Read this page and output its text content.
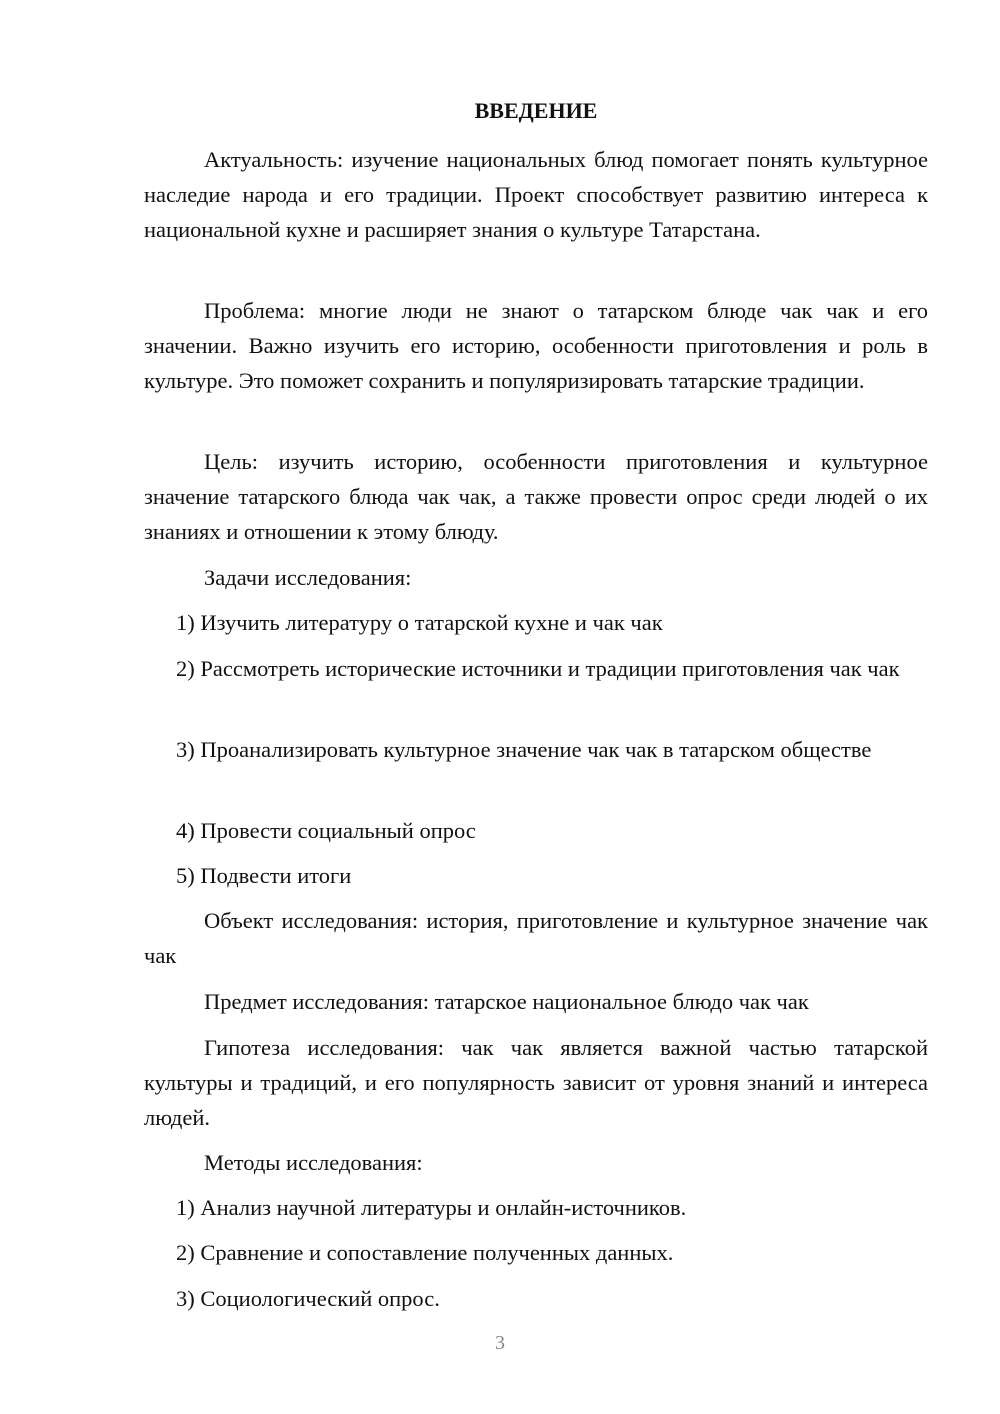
ВВЕДЕНИЕ

Актуальность: изучение национальных блюд помогает понять культурное наследие народа и его традиции. Проект способствует развитию интереса к национальной кухне и расширяет знания о культуре Татарстана.

Проблема: многие люди не знают о татарском блюде чак чак и его значении. Важно изучить его историю, особенности приготовления и роль в культуре. Это поможет сохранить и популяризировать татарские традиции.

Цель: изучить историю, особенности приготовления и культурное значение татарского блюда чак чак, а также провести опрос среди людей о их знаниях и отношении к этому блюду.

Задачи исследования:

1) Изучить литературу о татарской кухне и чак чак

2) Рассмотреть исторические источники и традиции приготовления чак чак

3) Проанализировать культурное значение чак чак в татарском обществе

4) Провести социальный опрос

5) Подвести итоги

Объект исследования: история, приготовление и культурное значение чак чак

Предмет исследования: татарское национальное блюдо чак чак

Гипотеза исследования: чак чак является важной частью татарской культуры и традиций, и его популярность зависит от уровня знаний и интереса людей.

Методы исследования:

1) Анализ научной литературы и онлайн-источников.

2) Сравнение и сопоставление полученных данных.

3) Социологический опрос.

3
